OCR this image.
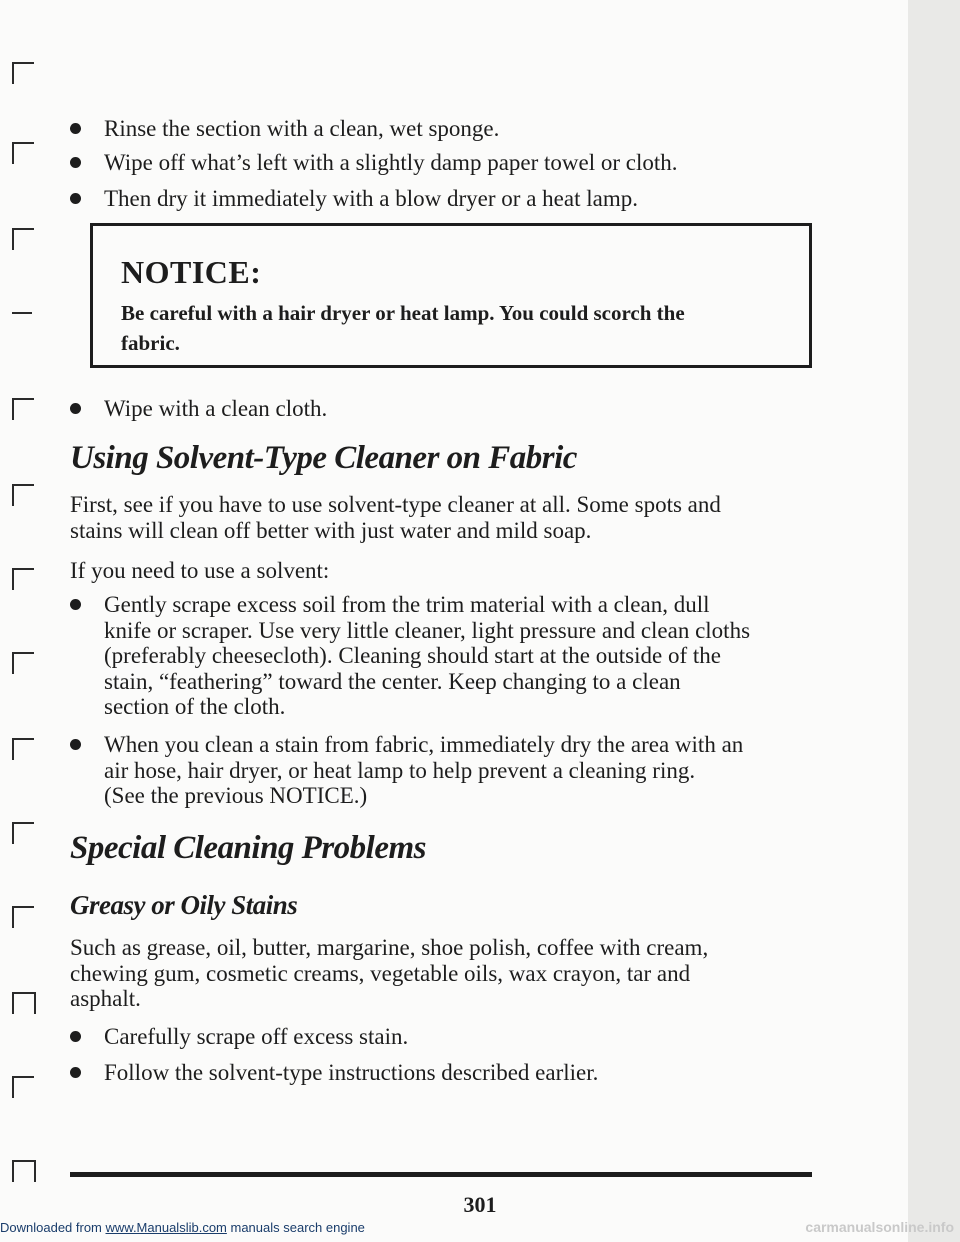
Rinse the section with a clean, wet sponge.
Wipe off what’s left with a slightly damp paper towel or cloth.
Then dry it immediately with a blow dryer or a heat lamp.
NOTICE:
Be careful with a hair dryer or heat lamp. You could scorch the
fabric.
Wipe with a clean cloth.
Using Solvent-Type Cleaner on Fabric
First, see if you have to use solvent-type cleaner at all. Some spots and
stains will clean off better with just water and mild soap.
If you need to use a solvent:
Gently scrape excess soil from the trim material with a clean, dull
knife or scraper. Use very little cleaner, light pressure and clean cloths
(preferably cheesecloth). Cleaning should start at the outside of the
stain, “feathering” toward the center. Keep changing to a clean
section of the cloth.
When you clean a stain from fabric, immediately dry the area with an
air hose, hair dryer, or heat lamp to help prevent a cleaning ring.
(See the previous NOTICE.)
Special Cleaning Problems
Greasy or Oily Stains
Such as grease, oil, butter, margarine, shoe polish, coffee with cream,
chewing gum, cosmetic creams, vegetable oils, wax crayon, tar and
asphalt.
Carefully scrape off excess stain.
Follow the solvent-type instructions described earlier.
301
Downloaded from www.Manualslib.com manuals search engine	carmanualsonline.info
